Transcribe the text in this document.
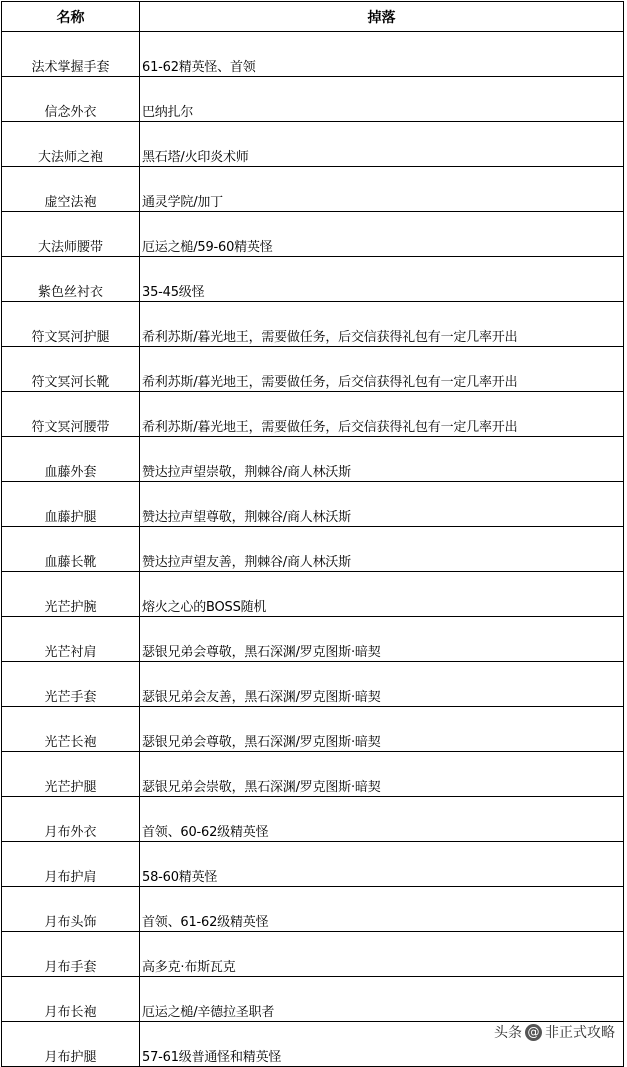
名称	掉落
法术掌握手套	61-62精英怪、首领
信念外衣	巴纳扎尔
大法师之袍	黑石塔/火印炎术师
虚空法袍	通灵学院/加丁
大法师腰带	厄运之槌/59-60精英怪
紫色丝衬衣	35-45级怪
符文冥河护腿	希利苏斯/暮光地王，需要做任务，后交信获得礼包有一定几率开出
符文冥河长靴	希利苏斯/暮光地王，需要做任务，后交信获得礼包有一定几率开出
符文冥河腰带	希利苏斯/暮光地王，需要做任务，后交信获得礼包有一定几率开出
血藤外套	赞达拉声望崇敬，荆棘谷/商人林沃斯
血藤护腿	赞达拉声望尊敬，荆棘谷/商人林沃斯
血藤长靴	赞达拉声望友善，荆棘谷/商人林沃斯
光芒护腕	熔火之心的BOSS随机
光芒衬肩	瑟银兄弟会尊敬，黑石深渊/罗克图斯·暗契
光芒手套	瑟银兄弟会友善，黑石深渊/罗克图斯·暗契
光芒长袍	瑟银兄弟会尊敬，黑石深渊/罗克图斯·暗契
光芒护腿	瑟银兄弟会崇敬，黑石深渊/罗克图斯·暗契
月布外衣	首领、60-62级精英怪
月布护肩	58-60精英怪
月布头饰	首领、61-62级精英怪
月布手套	高多克·布斯瓦克
月布长袍	厄运之槌/辛德拉圣职者
月布护腿	57-61级普通怪和精英怪
头条 @ 非正式攻略
